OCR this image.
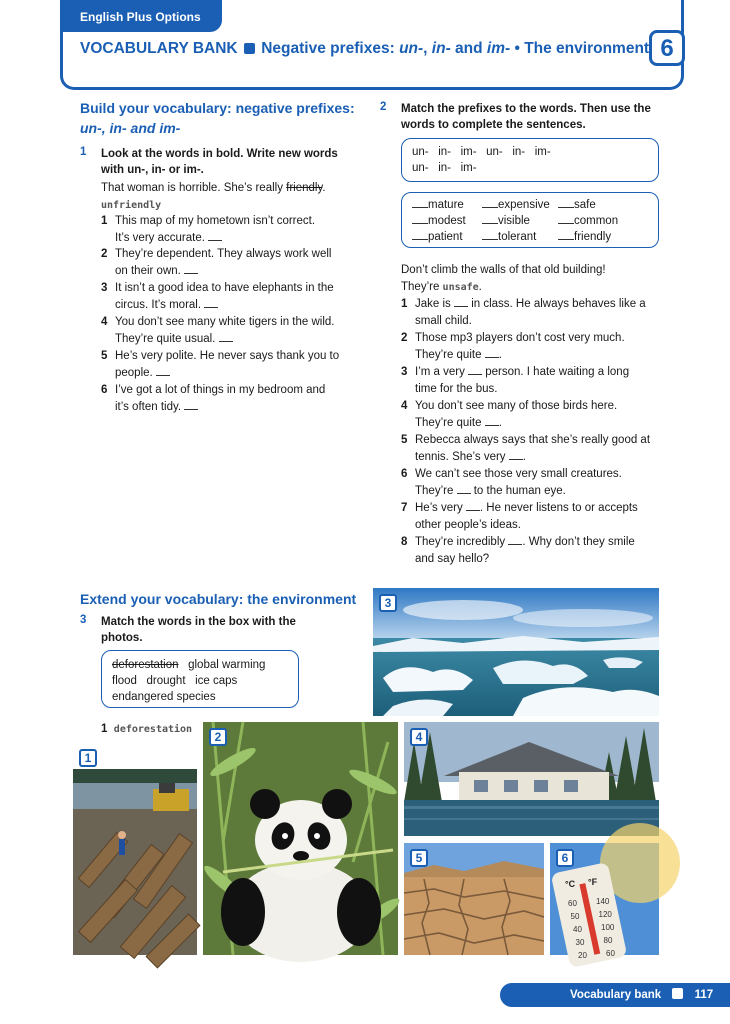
English Plus Options
VOCABULARY BANK Negative prefixes: un-, in- and im- • The environment 6
Build your vocabulary: negative prefixes:
un-, in- and im-
1 Look at the words in bold. Write new words
with un-, in- or im-.
That woman is horrible. She’s really friendly.
unfriendly
1 This map of my hometown isn’t correct.
It’s very accurate.
2 They’re dependent. They always work well
on their own.
3 It isn’t a good idea to have elephants in the
circus. It’s moral.
4 You don’t see many white tigers in the wild.
They’re quite usual.
5 He’s very polite. He never says thank you to
people.
6 I’ve got a lot of things in my bedroom and
it’s often tidy.
2 Match the prefixes to the words. Then use the
words to complete the sentences.
un-   in-   im-   un-   in-   im-
un-   in-   im-
mature	expensive	safe
modest	visible	common
patient	tolerant	friendly
Don’t climb the walls of that old building!
They’re unsafe.
1 Jake is  in class. He always behaves like a
small child.
2 Those mp3 players don’t cost very much.
They’re quite .
3 I’m a very  person. I hate waiting a long
time for the bus.
4 You don’t see many of those birds here.
They’re quite .
5 Rebecca always says that she’s really good at
tennis. She’s very .
6 We can’t see those very small creatures.
They’re  to the human eye.
7 He’s very . He never listens to or accepts
other people’s ideas.
8 They’re incredibly . Why don’t they smile
and say hello?
Extend your vocabulary: the environment
3 Match the words in the box with the
photos.
deforestation global warming
flood   drought   ice caps
endangered species
1 deforestation
3
1
2	4
5
°C °F
60
50
40
30
20
140
120
100
80
60
6
Vocabulary bank	117
